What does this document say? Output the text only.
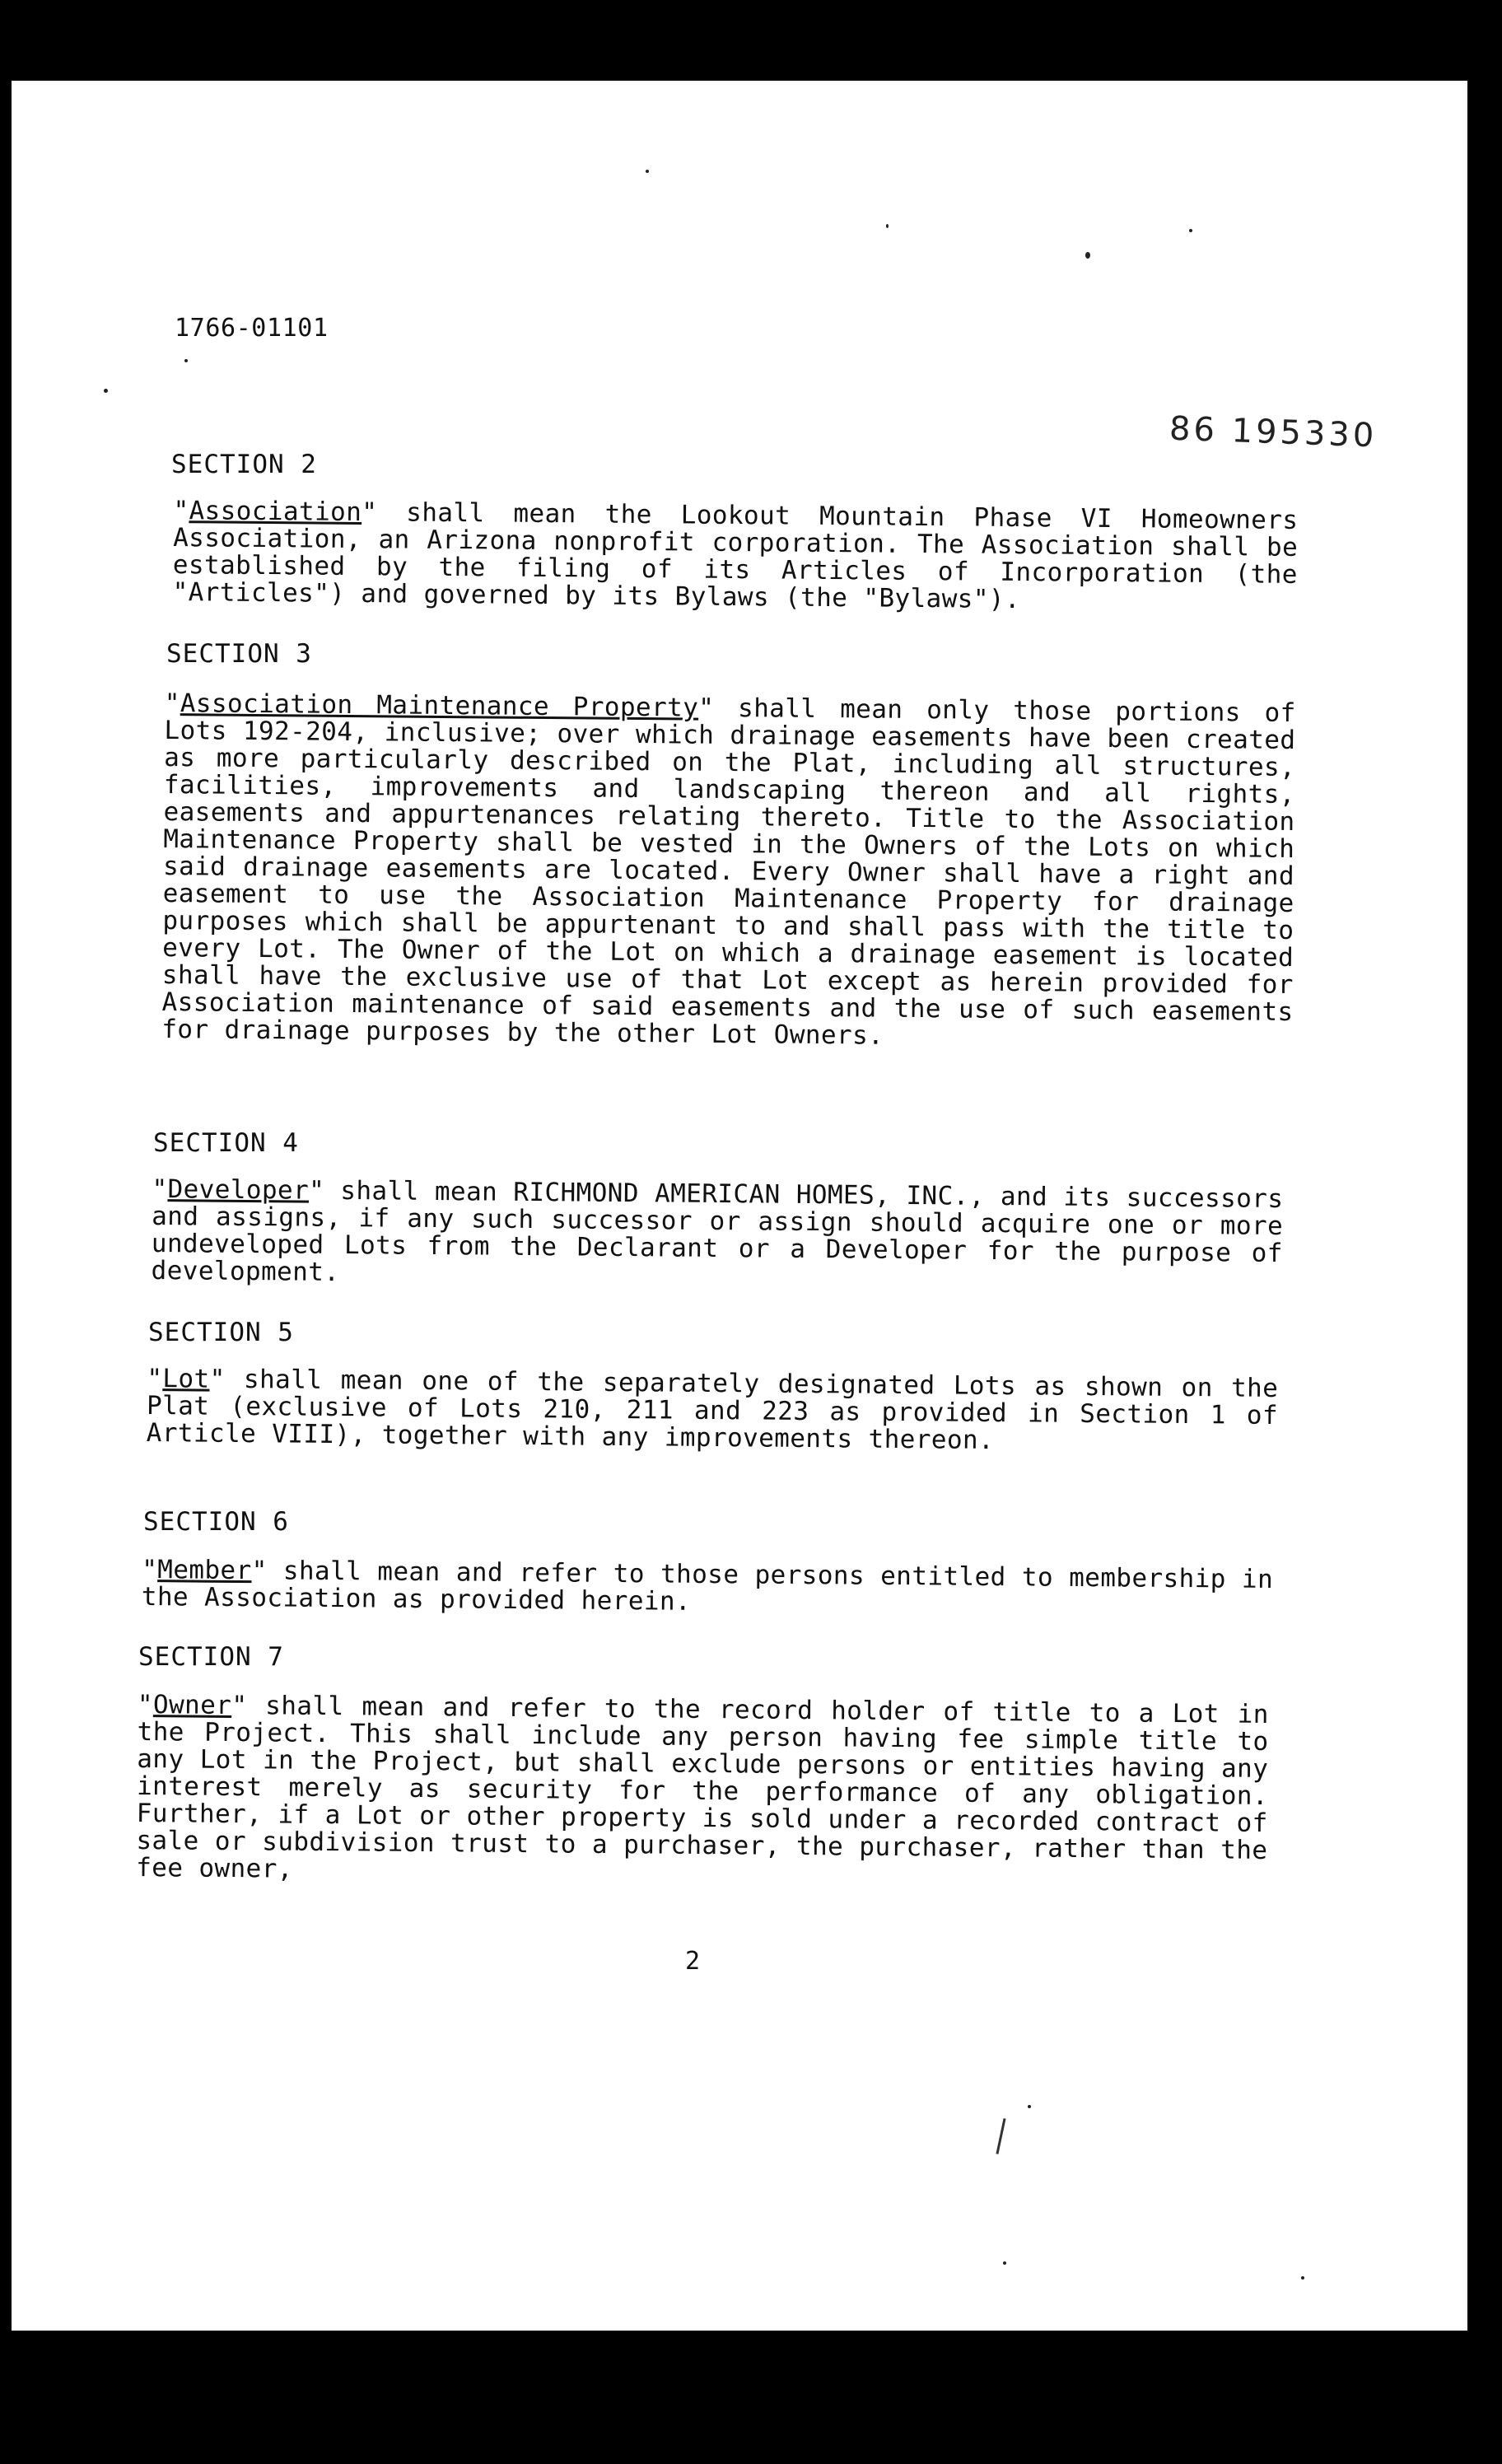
1766-01101
86 195330
SECTION 2

"Association" shall mean the Lookout Mountain Phase VI Homeowners Association, an Arizona nonprofit corporation. The Association shall be established by the filing of its Articles of Incorporation (the "Articles") and governed by its Bylaws (the "Bylaws").

SECTION 3

"Association Maintenance Property" shall mean only those portions of Lots 192-204, inclusive; over which drainage easements have been created as more particularly described on the Plat, including all structures, facilities, improvements and landscaping thereon and all rights, easements and appurtenances relating thereto. Title to the Association Maintenance Property shall be vested in the Owners of the Lots on which said drainage easements are located. Every Owner shall have a right and easement to use the Association Maintenance Property for drainage purposes which shall be appurtenant to and shall pass with the title to every Lot. The Owner of the Lot on which a drainage easement is located shall have the exclusive use of that Lot except as herein provided for Association maintenance of said easements and the use of such easements for drainage purposes by the other Lot Owners.

SECTION 4

"Developer" shall mean RICHMOND AMERICAN HOMES, INC., and its successors and assigns, if any such successor or assign should acquire one or more undeveloped Lots from the Declarant or a Developer for the purpose of development.

SECTION 5

"Lot" shall mean one of the separately designated Lots as shown on the Plat (exclusive of Lots 210, 211 and 223 as provided in Section 1 of Article VIII), together with any improvements thereon.

SECTION 6

"Member" shall mean and refer to those persons entitled to membership in the Association as provided herein.

SECTION 7

"Owner" shall mean and refer to the record holder of title to a Lot in the Project. This shall include any person having fee simple title to any Lot in the Project, but shall exclude persons or entities having any interest merely as security for the performance of any obligation. Further, if a Lot or other property is sold under a recorded contract of sale or subdivision trust to a purchaser, the purchaser, rather than the fee owner,

2
